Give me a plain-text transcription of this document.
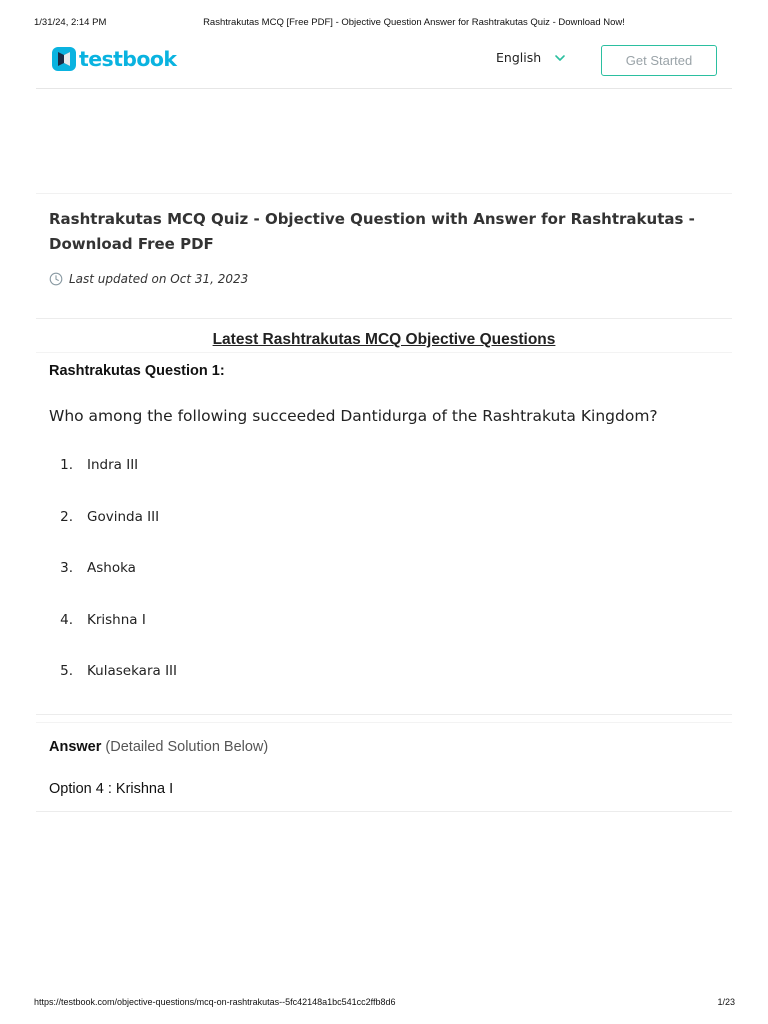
1/31/24, 2:14 PM	Rashtrakutas MCQ [Free PDF] - Objective Question Answer for Rashtrakutas Quiz - Download Now!
testbook	English	Get Started
Rashtrakutas MCQ Quiz - Objective Question with Answer for Rashtrakutas - Download Free PDF
Last updated on Oct 31, 2023
Latest Rashtrakutas MCQ Objective Questions
Rashtrakutas Question 1:

Who among the following succeeded Dantidurga of the Rashtrakuta Kingdom?

1. Indra III
2. Govinda III
3. Ashoka
4. Krishna I
5. Kulasekara III
Answer (Detailed Solution Below)
Option 4 : Krishna I
https://testbook.com/objective-questions/mcq-on-rashtrakutas--5fc42148a1bc541cc2ffb8d6	1/23
